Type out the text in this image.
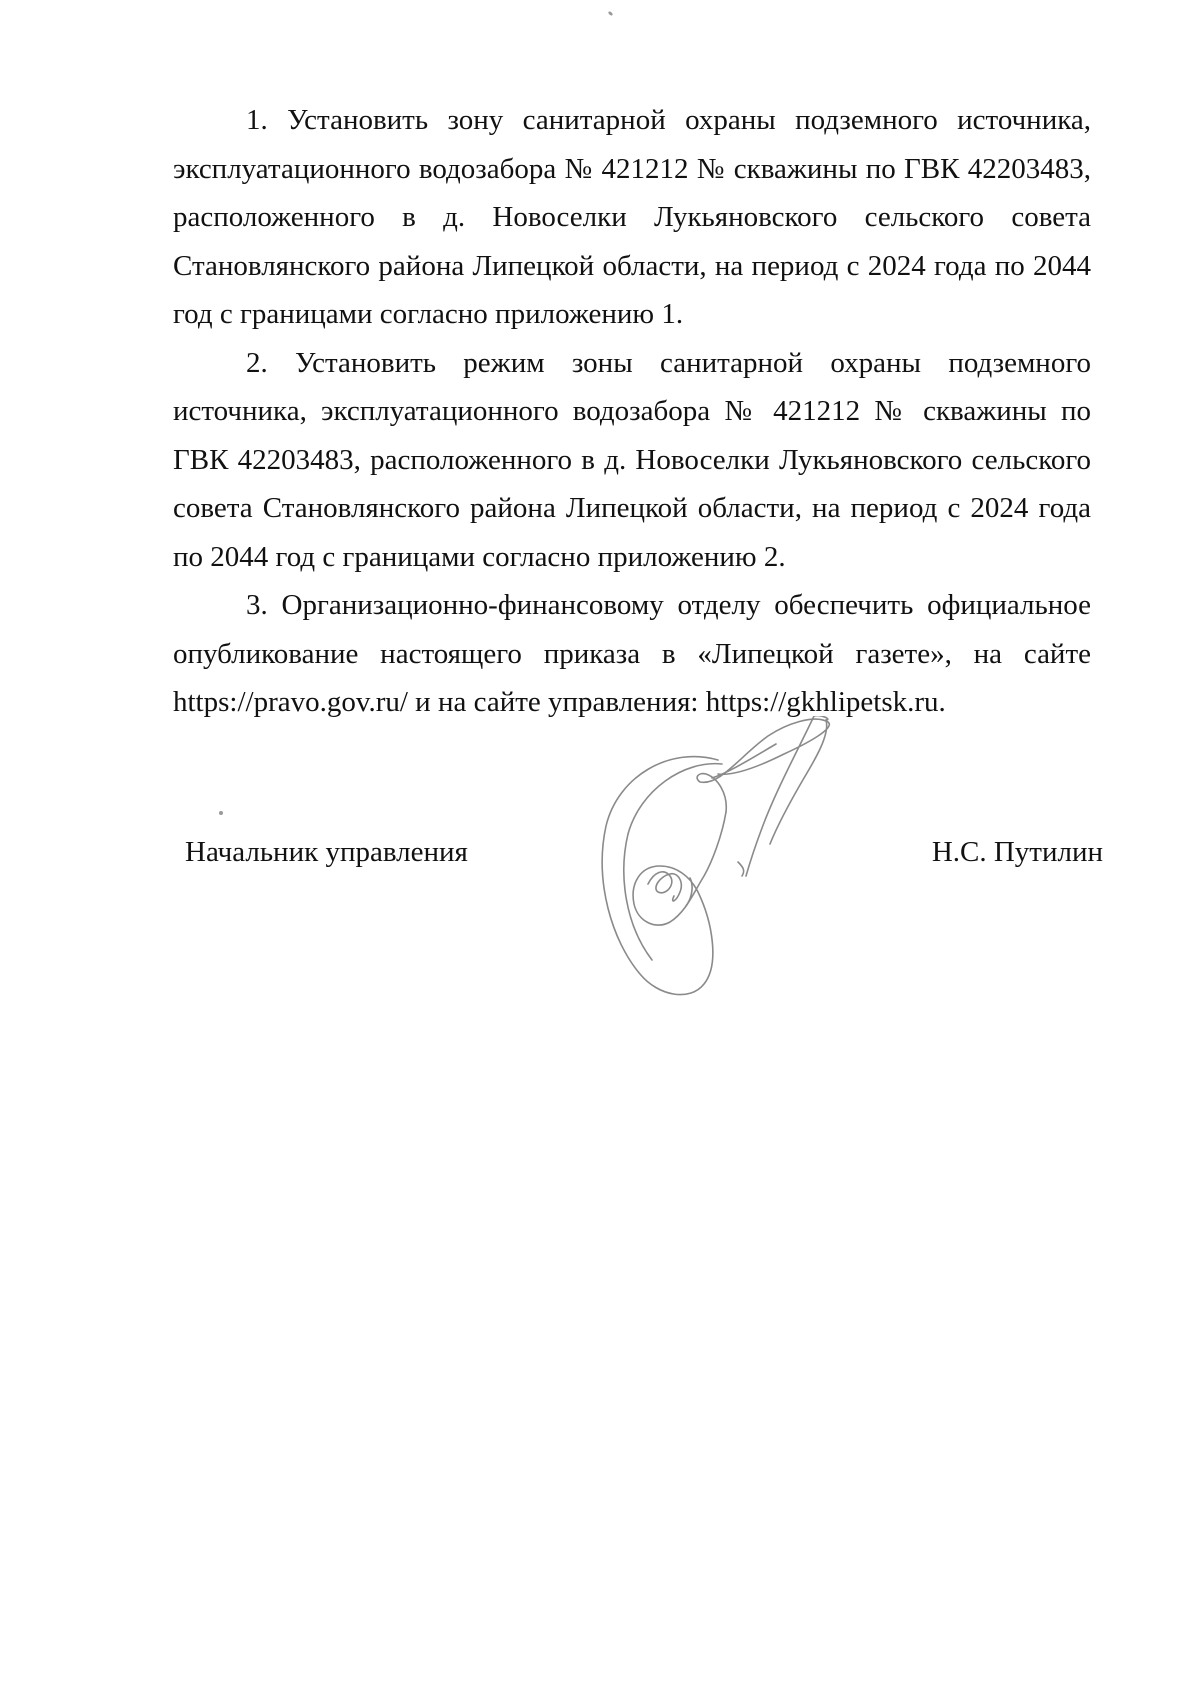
1. Установить зону санитарной охраны подземного источника, эксплуатационного водозабора № 421212 № скважины по ГВК 42203483, расположенного в д. Новоселки Лукьяновского сельского совета Становлянского района Липецкой области, на период с 2024 года по 2044 год с границами согласно приложению 1.

2. Установить режим зоны санитарной охраны подземного источника, эксплуатационного водозабора № 421212 № скважины по ГВК 42203483, расположенного в д. Новоселки Лукьяновского сельского совета Становлянского района Липецкой области, на период с 2024 года по 2044 год с границами согласно приложению 2.

3. Организационно-финансовому отделу обеспечить официальное опубликование настоящего приказа в «Липецкой газете», на сайте https://pravo.gov.ru/ и на сайте управления: https://gkhlipetsk.ru.

Начальник управления	Н.С. Путилин
